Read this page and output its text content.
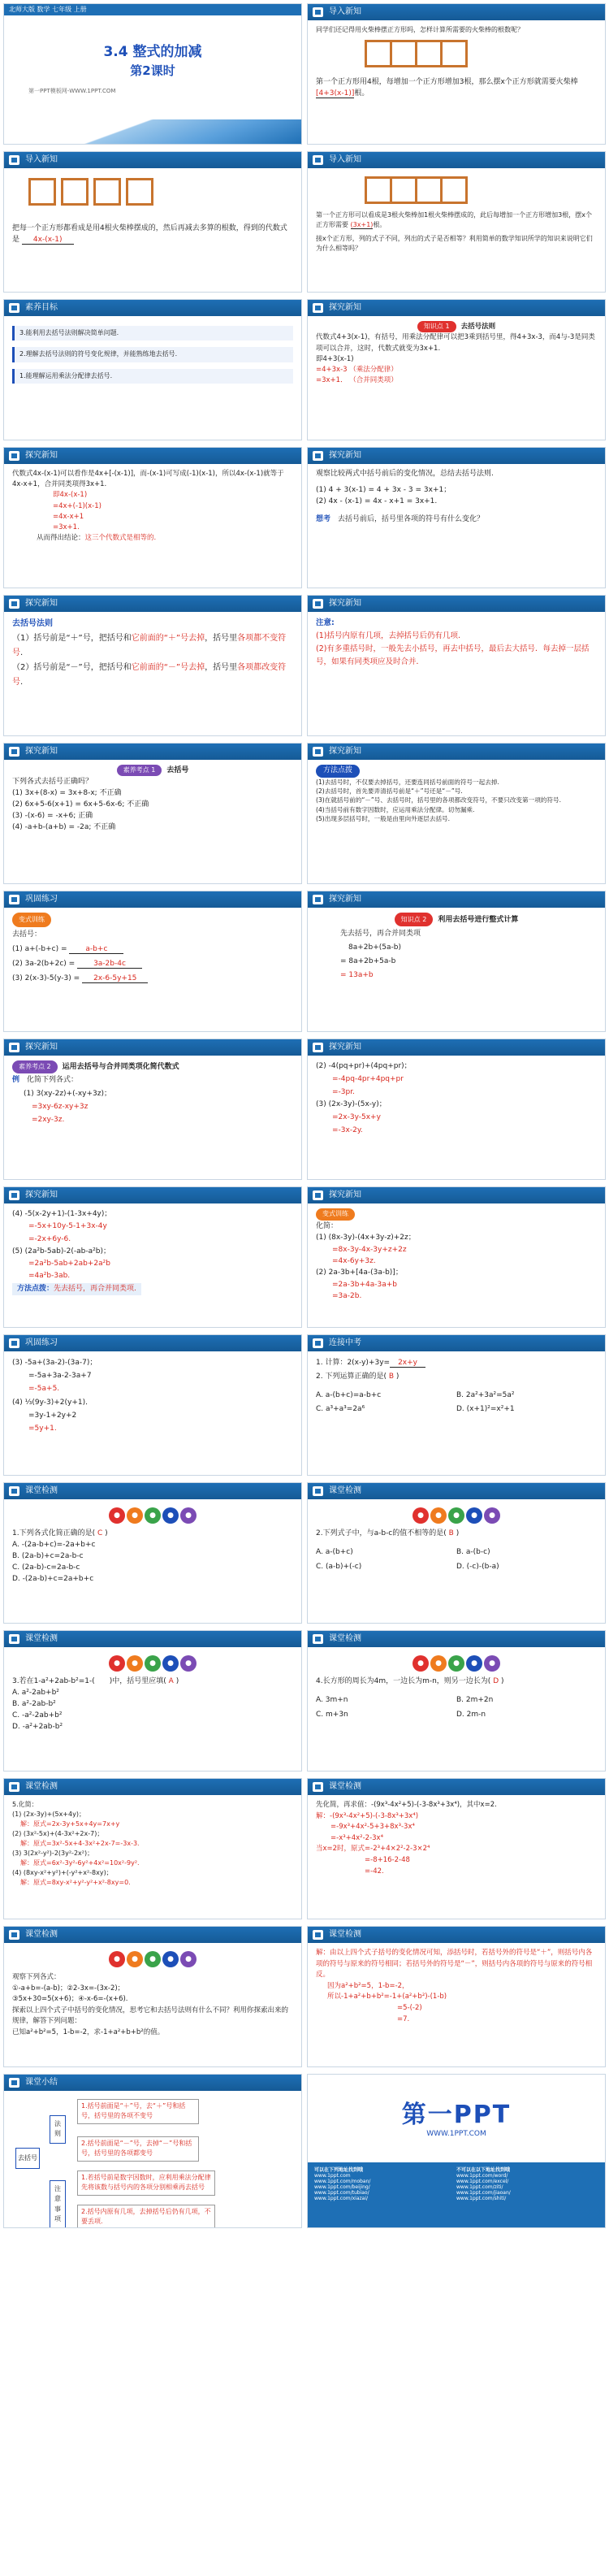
北师大版 数学 七年级 上册
3.4 整式的加减
第2课时
第一PPT模板网-WWW.1PPT.COM
导入新知
同学们还记得用火柴棒摆正方形吗，怎样计算所需要的火柴棒的根数呢？
第一个正方形用4根，每增加一个正方形增加3根，那么摆x个正方形就需要火柴棒 [4+3(x-1)]根。
导入新知
把每一个正方形都看成是用4根火柴棒摆成的，然后再减去多算的根数，得到的代数式是 4x-(x-1)
导入新知
第一个正方形可以看成是3根火柴棒加1根火柴棒摆成的，此后每增加一个正方形增加3根，摆x个正方形需要 (3x+1)根。
接x个正方形，列的式子不同，列出的式子是否相等？利用简单的数学知识所学的知识来说明它们为什么相等吗？
素养目标
3.能利用去括号法则解决简单问题.
2.理解去括号法则的符号变化规律，并能熟练地去括号.
1.能理解运用乘法分配律去括号.
探究新知
知识点 1 去括号法则
代数式4+3(x-1)，有括号，用乘法分配律可以把3乘到括号里，得4+3x-3，而4与-3是同类项可以合并，这时，代数式就变为3x+1.
即4+3(x-1)
=4+3x-3 （乘法分配律）
=3x+1． （合并同类项）
探究新知
代数式4x-(x-1)可以看作是4x+[-(x-1)]，而-(x-1)可写成(-1)(x-1)，所以4x-(x-1)就等于4x-x+1，合并同类项得3x+1.
即4x-(x-1)
=4x+(-1)(x-1)
=4x-x+1
=3x+1.
从而得出结论：这三个代数式是相等的.
探究新知
观察比较两式中括号前后的变化情况，总结去括号法则.
(1) 4 + 3(x-1) = 4 + 3x - 3 = 3x+1；
(2) 4x - (x-1) = 4x - x+1 = 3x+1.
想考　 去括号前后，括号里各项的符号有什么变化？
探究新知
去括号法则
（1）括号前是“＋”号，把括号和它前面的“＋”号去掉，括号里各项都不变符号.
（2）括号前是“－”号，把括号和它前面的“－”号去掉，括号里各项都改变符号.
探究新知
注意:
(1)括号内原有几项，去掉括号后仍有几项.
(2)有多重括号时，一般先去小括号，再去中括号，最后去大括号．每去掉一层括号，如果有同类项应及时合并．
探究新知
素养考点 1 去括号
下列各式去括号正确吗？
(1) 3x+(8-x) = 3x+8-x; 不正确
(2) 6x+5-6(x+1) = 6x+5-6x-6; 不正确
(3) -(x-6) = -x+6; 正确
(4) -a+b-(a+b) = -2a; 不正确
探究新知
方法点拨
(1)去括号时，不仅要去掉括号，还要连同括号前面的符号一起去掉.
(2)去括号时，首先要弄清括号前是“＋”号还是“－”号.
(3)在就括号前的“－”号、去括号时，括号里的各项都改变符号，不要只改变第一项的符号.
(4)当括号前有数字因数时，应运用乘法分配律。切勿漏乘.
(5)出现多层括号时，一般是由里向外逐层去括号.
巩固练习
变式训练
去括号：
(1) a+(-b+c) =	a-b+c
(2) 3a-2(b+2c) =	3a-2b-4c
(3) 2(x-3)-5(y-3) = 2x-6-5y+15
探究新知
知识点 2 利用去括号进行整式计算
先去括号，再合并同类项
8a+2b+(5a-b)
= 8a+2b+5a-b
= 13a+b
探究新知
素养考点 2 运用去括号与合并同类项化简代数式
例　 化简下列各式：
(1) 3(xy-2z)+(-xy+3z)；
=3xy-6z-xy+3z
=2xy-3z.
探究新知
(2) -4(pq+pr)+(4pq+pr)；
=-4pq-4pr+4pq+pr
=-3pr.
(3) (2x-3y)-(5x-y)；
=2x-3y-5x+y
=-3x-2y.
探究新知
(4) -5(x-2y+1)-(1-3x+4y)；
=-5x+10y-5-1+3x-4y
=-2x+6y-6.
(5) (2a²b-5ab)-2(-ab-a²b)；
=2a²b-5ab+2ab+2a²b
=4a²b-3ab.
方法点拨：先去括号，再合并同类项.
探究新知
变式训练
化简：
(1) (8x-3y)-(4x+3y-z)+2z；
=8x-3y-4x-3y+z+2z
=4x-6y+3z.
(2) 2a-3b+[4a-(3a-b)]；
=2a-3b+4a-3a+b
=3a-2b.
巩固练习
(3) -5a+(3a-2)-(3a-7)；
=-5a+3a-2-3a+7
=-5a+5.
(4) ⅓(9y-3)+2(y+1)．
=3y-1+2y+2
=5y+1.
连接中考
1. 计算：2(x-y)+3y= 2x+y
2. 下列运算正确的是( B )
A. a-(b+c)=a-b+c	B. 2a²+3a²=5a²
C. a³+a³=2a⁶	D. (x+1)²=x²+1
课堂检测
● ● ● ● ●
1.下列各式化简正确的是( C )
A. -(2a-b+c)=-2a+b+c
B. (2a-b)+c=2a-b-c
C. (2a-b)-c=2a-b-c
D. -(2a-b)+c=2a+b+c
课堂检测
● ● ● ● ●
2.下列式子中，与a-b-c的值不相等的是( B )
A. a-(b+c)	B. a-(b-c)
C. (a-b)+(-c)	D. (-c)-(b-a)
课堂检测
● ● ● ● ●
3.若在1-a²+2ab-b²=1-(　　)中，括号里应填( A )
A. a²-2ab+b²
B. a²-2ab-b²
C. -a²-2ab+b²
D. -a²+2ab-b²
课堂检测
● ● ● ● ●
4.长方形的周长为4m，一边长为m-n，则另一边长为( D )
A. 3m+n	B. 2m+2n
C. m+3n	D. 2m-n
课堂检测
5.化简：
(1) (2x-3y)+(5x+4y)；
解：原式=2x-3y+5x+4y=7x+y
(2) (3x²-5x)+(4-3x²+2x-7)；
解：原式=3x²-5x+4-3x²+2x-7=-3x-3.
(3) 3(2x²-y²)-2(3y²-2x²)；
解：原式=6x²-3y²-6y²+4x²=10x²-9y².
(4) (8xy-x²+y²)+(-y²+x²-8xy)；
解：原式=8xy-x²+y²-y²+x²-8xy=0.
课堂检测
先化简，再求值：-(9x³-4x²+5)-(-3-8x³+3x⁴)，其中x=2.
解：-(9x³-4x²+5)-(-3-8x³+3x⁴)
=-9x³+4x²-5+3+8x³-3x⁴
=-x³+4x²-2-3x⁴
当x=2时，原式=-2³+4×2²-2-3×2⁴
=-8+16-2-48
=-42.
课堂检测
● ● ● ● ●
观察下列各式：
①-a+b=-(a-b)；②2-3x=-(3x-2)；
③5x+30=5(x+6)；④-x-6=-(x+6).
探索以上四个式子中括号的变化情况，思考它和去括号法则有什么不同？利用你探索出来的规律，解答下列问题：
已知a²+b²=5，1-b=-2，求-1+a²+b+b²的值。
课堂检测
解：由以上四个式子括号的变化情况可知，添括号时，若括号外的符号是“＋”，则括号内各项的符号与原来的符号相同；若括号外的符号是“－”，则括号内各项的符号与原来的符号相反。
因为a²+b²=5，1-b=-2，
所以-1+a²+b+b²=-1+(a²+b²)-(1-b)
=5-(-2)
=7.
课堂小结
去括号
法则
注意事项
1.括号前面是“＋”号，去“＋”号和括号，括号里的各项不变号
2.括号前面是“－”号，去掉“－”号和括号，括号里的各项都变号
1.若括号前是数字因数时，应利用乘法分配律先将该数与括号内的各项分别相乘再去括号
2.括号内原有几项，去掉括号后仍有几项，不要丢项.
第一PPT
WWW.1PPT.COM
可以在下列地址找到哦
www.1ppt.com
www.1ppt.com/moban/
www.1ppt.com/beijing/
www.1ppt.com/tubiao/
www.1ppt.com/xiazai/
不可以在以下地址找到哦
www.1ppt.com/word/
www.1ppt.com/excel/
www.1ppt.com/ziti/
www.1ppt.com/jiaoan/
www.1ppt.com/shiti/
